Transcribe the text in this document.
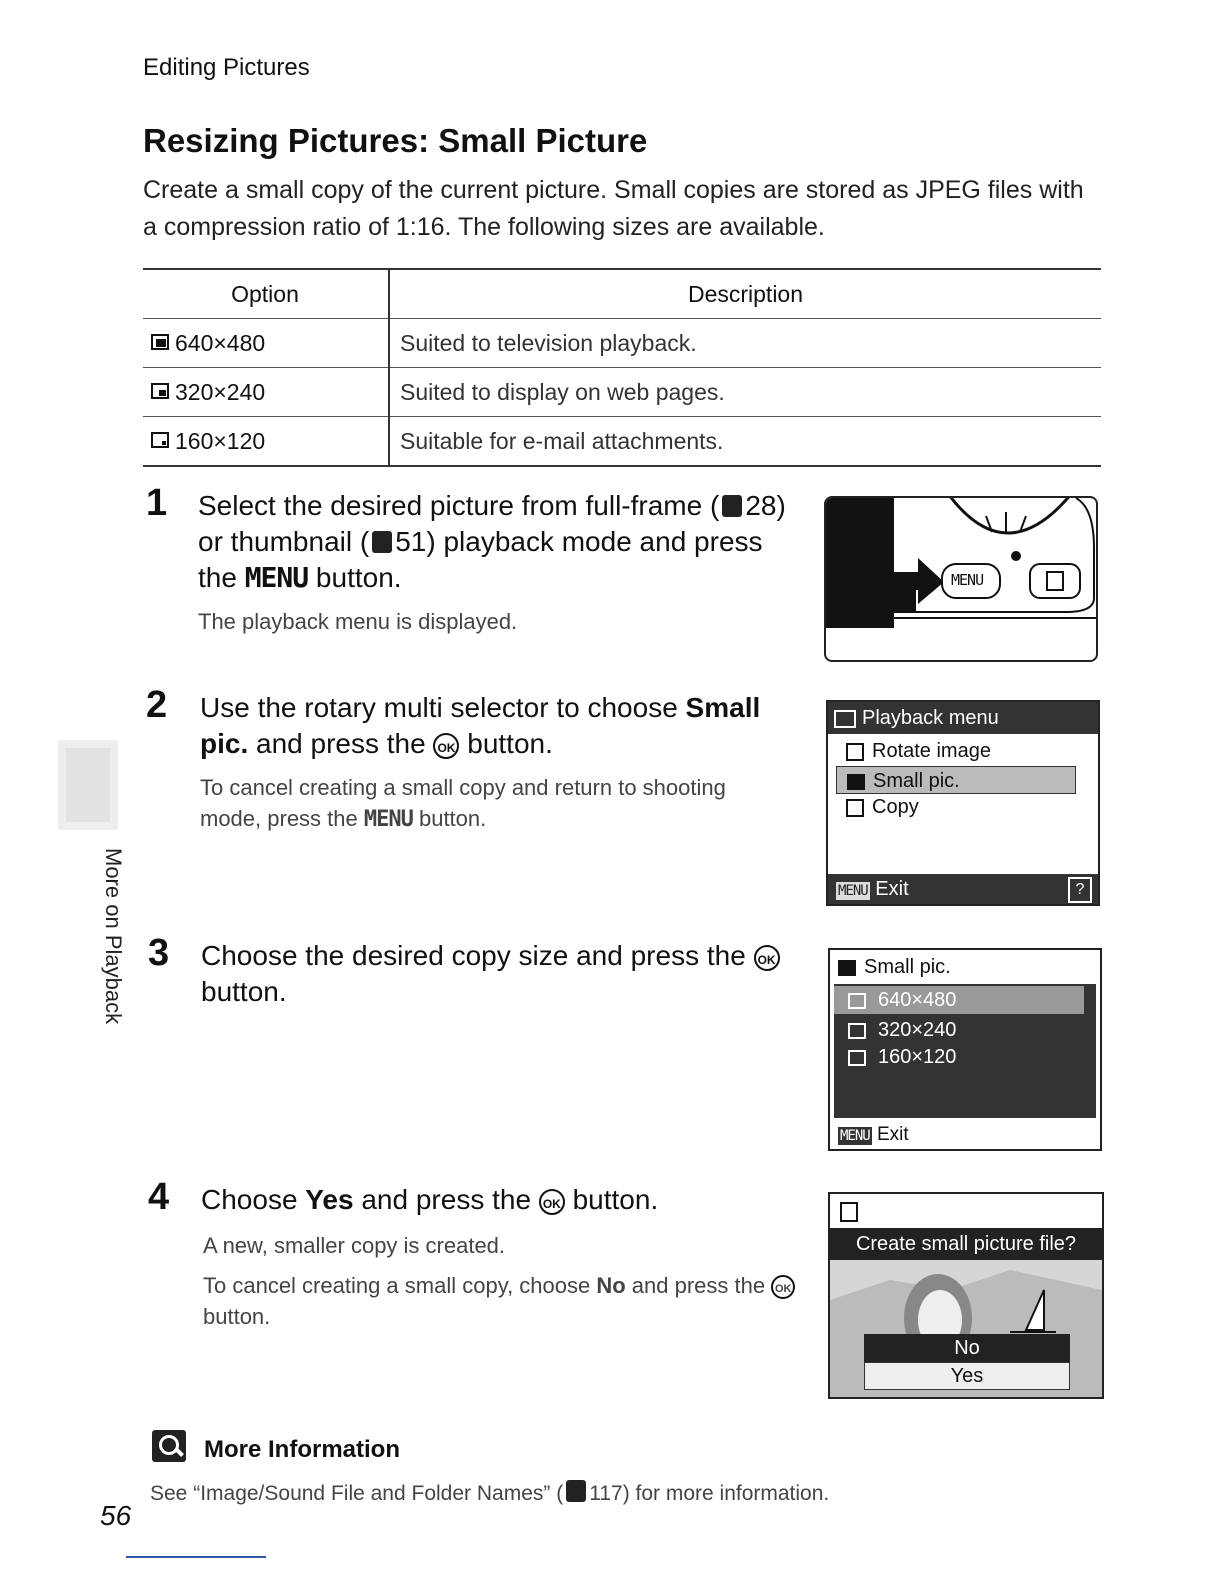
Editing Pictures
Resizing Pictures: Small Picture
Create a small copy of the current picture. Small copies are stored as JPEG files with a compression ratio of 1:16. The following sizes are available.
Option	Description

640×480	Suited to television playback.

320×240	Suited to display on web pages.

160×120	Suitable for e-mail attachments.
1 Select the desired picture from full-frame ( 28) or thumbnail ( 51) playback mode and press the MENU button.
The playback menu is displayed.
MENU
2 Use the rotary multi selector to choose Small pic. and press the OK button.
To cancel creating a small copy and return to shooting mode, press the MENU button.
Playback menu
Rotate image
Small pic.
Copy
MENU Exit	?
3 Choose the desired copy size and press the OK
button.
Small pic.
640×480
320×240
160×120
MENU Exit
4 Choose Yes and press the OK button.
A new, smaller copy is created.
To cancel creating a small copy, choose No and press the OK button.
Create small picture file?
No
Yes
More Information
See “Image/Sound File and Folder Names” ( 117) for more information.
More on Playback
56
